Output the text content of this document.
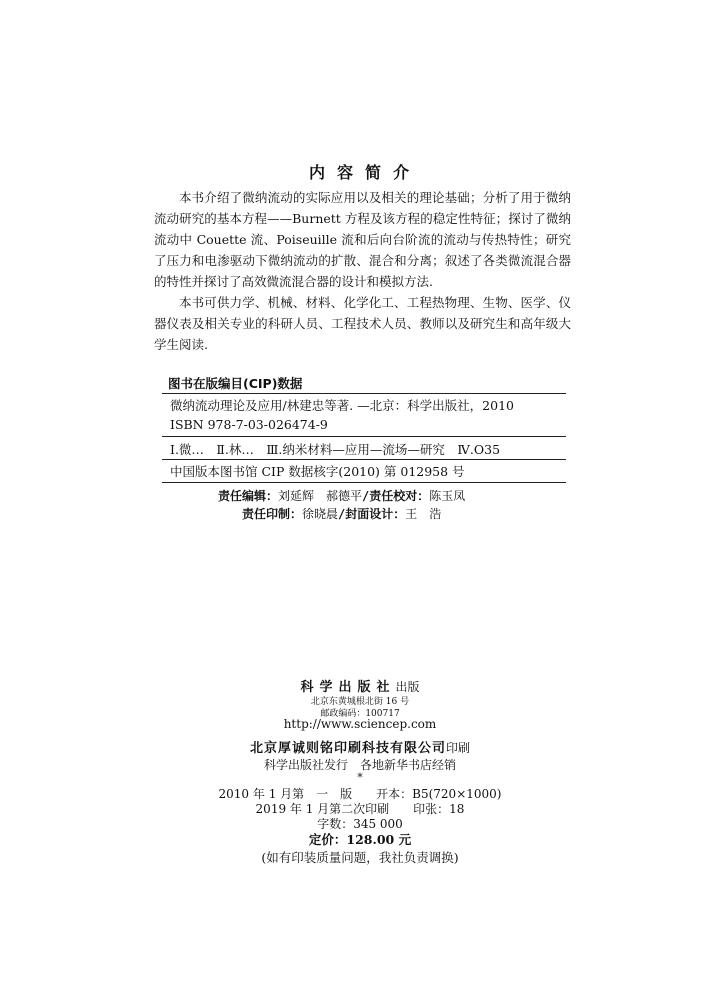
内容简介

本书介绍了微纳流动的实际应用以及相关的理论基础；分析了用于微纳流动研究的基本方程——Burnett 方程及该方程的稳定性特征；探讨了微纳流动中 Couette 流、Poiseuille 流和后向台阶流的流动与传热特性；研究了压力和电渗驱动下微纳流动的扩散、混合和分离；叙述了各类微流混合器的特性并探讨了高效微流混合器的设计和模拟方法.

本书可供力学、机械、材料、化学化工、工程热物理、生物、医学、仪器仪表及相关专业的科研人员、工程技术人员、教师以及研究生和高年级大学生阅读.

图书在版编目(CIP)数据
微纳流动理论及应用/林建忠等著. —北京：科学出版社，2010
ISBN 978-7-03-026474-9
Ⅰ.微…　Ⅱ.林…　Ⅲ.纳米材料—应用—流场—研究　Ⅳ.O35
中国版本图书馆 CIP 数据核字(2010) 第 012958 号
责任编辑：刘延辉　郝德平/责任校对：陈玉凤
责任印制：徐晓晨/封面设计：王　浩
科学出版社出版
北京东黄城根北街 16 号
邮政编码：100717
http://www.sciencep.com
北京厚诚则铭印刷科技有限公司印刷
科学出版社发行　各地新华书店经销
*
2010 年 1 月第　一　版　　开本：B5(720×1000)
2019 年 1 月第二次印刷　　印张：18
字数：345 000
定价：128.00 元
(如有印装质量问题，我社负责调换)
